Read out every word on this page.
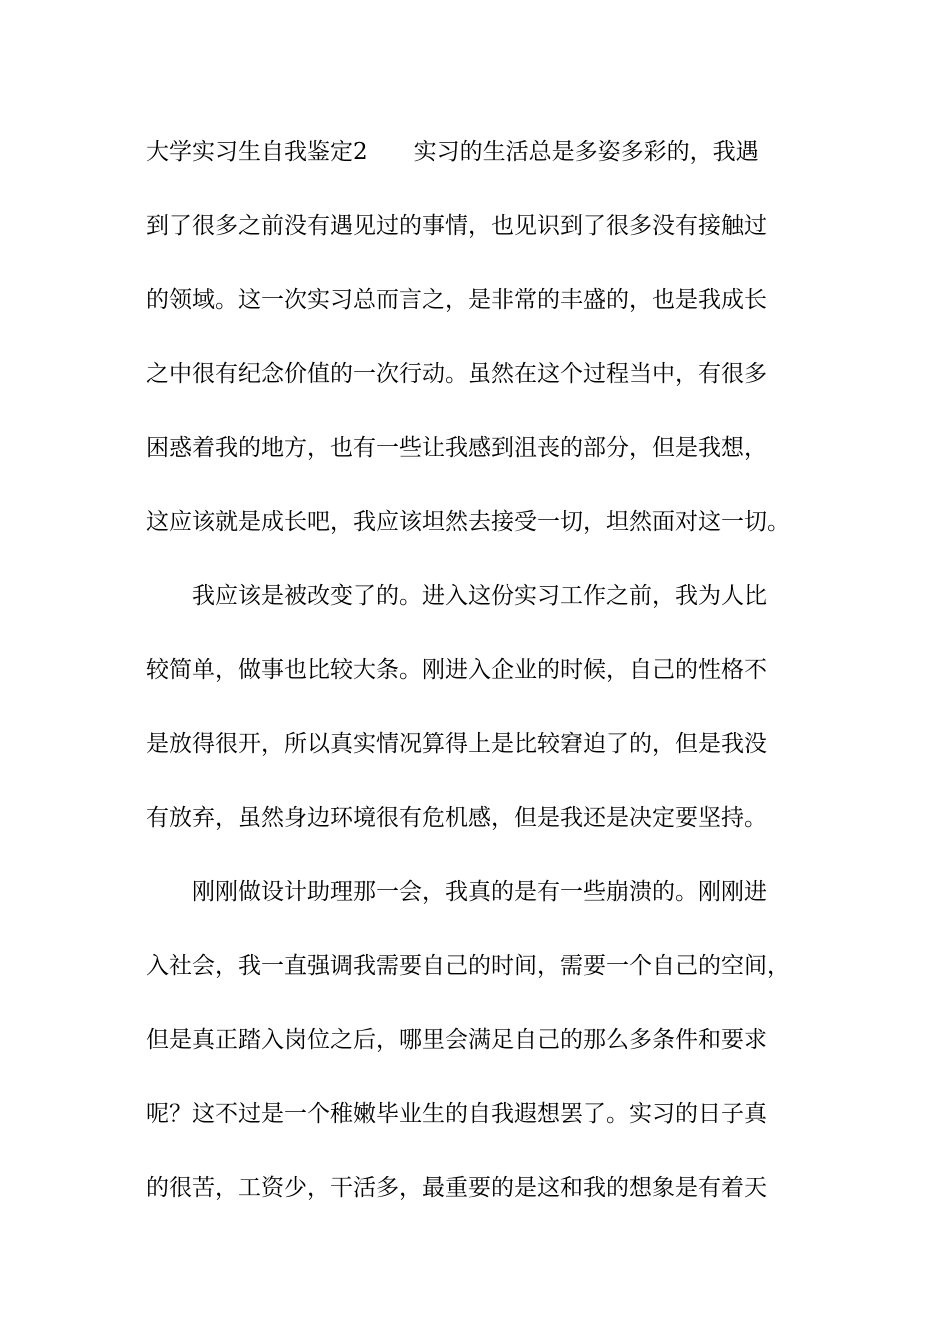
大学实习生自我鉴定2　　实习的生活总是多姿多彩的，我遇
到了很多之前没有遇见过的事情，也见识到了很多没有接触过
的领域。这一次实习总而言之，是非常的丰盛的，也是我成长
之中很有纪念价值的一次行动。虽然在这个过程当中，有很多
困惑着我的地方，也有一些让我感到沮丧的部分，但是我想，
这应该就是成长吧，我应该坦然去接受一切，坦然面对这一切。
我应该是被改变了的。进入这份实习工作之前，我为人比
较简单，做事也比较大条。刚进入企业的时候，自己的性格不
是放得很开，所以真实情况算得上是比较窘迫了的，但是我没
有放弃，虽然身边环境很有危机感，但是我还是决定要坚持。
刚刚做设计助理那一会，我真的是有一些崩溃的。刚刚进
入社会，我一直强调我需要自己的时间，需要一个自己的空间，
但是真正踏入岗位之后，哪里会满足自己的那么多条件和要求
呢？这不过是一个稚嫩毕业生的自我遐想罢了。实习的日子真
的很苦，工资少，干活多，最重要的是这和我的想象是有着天
